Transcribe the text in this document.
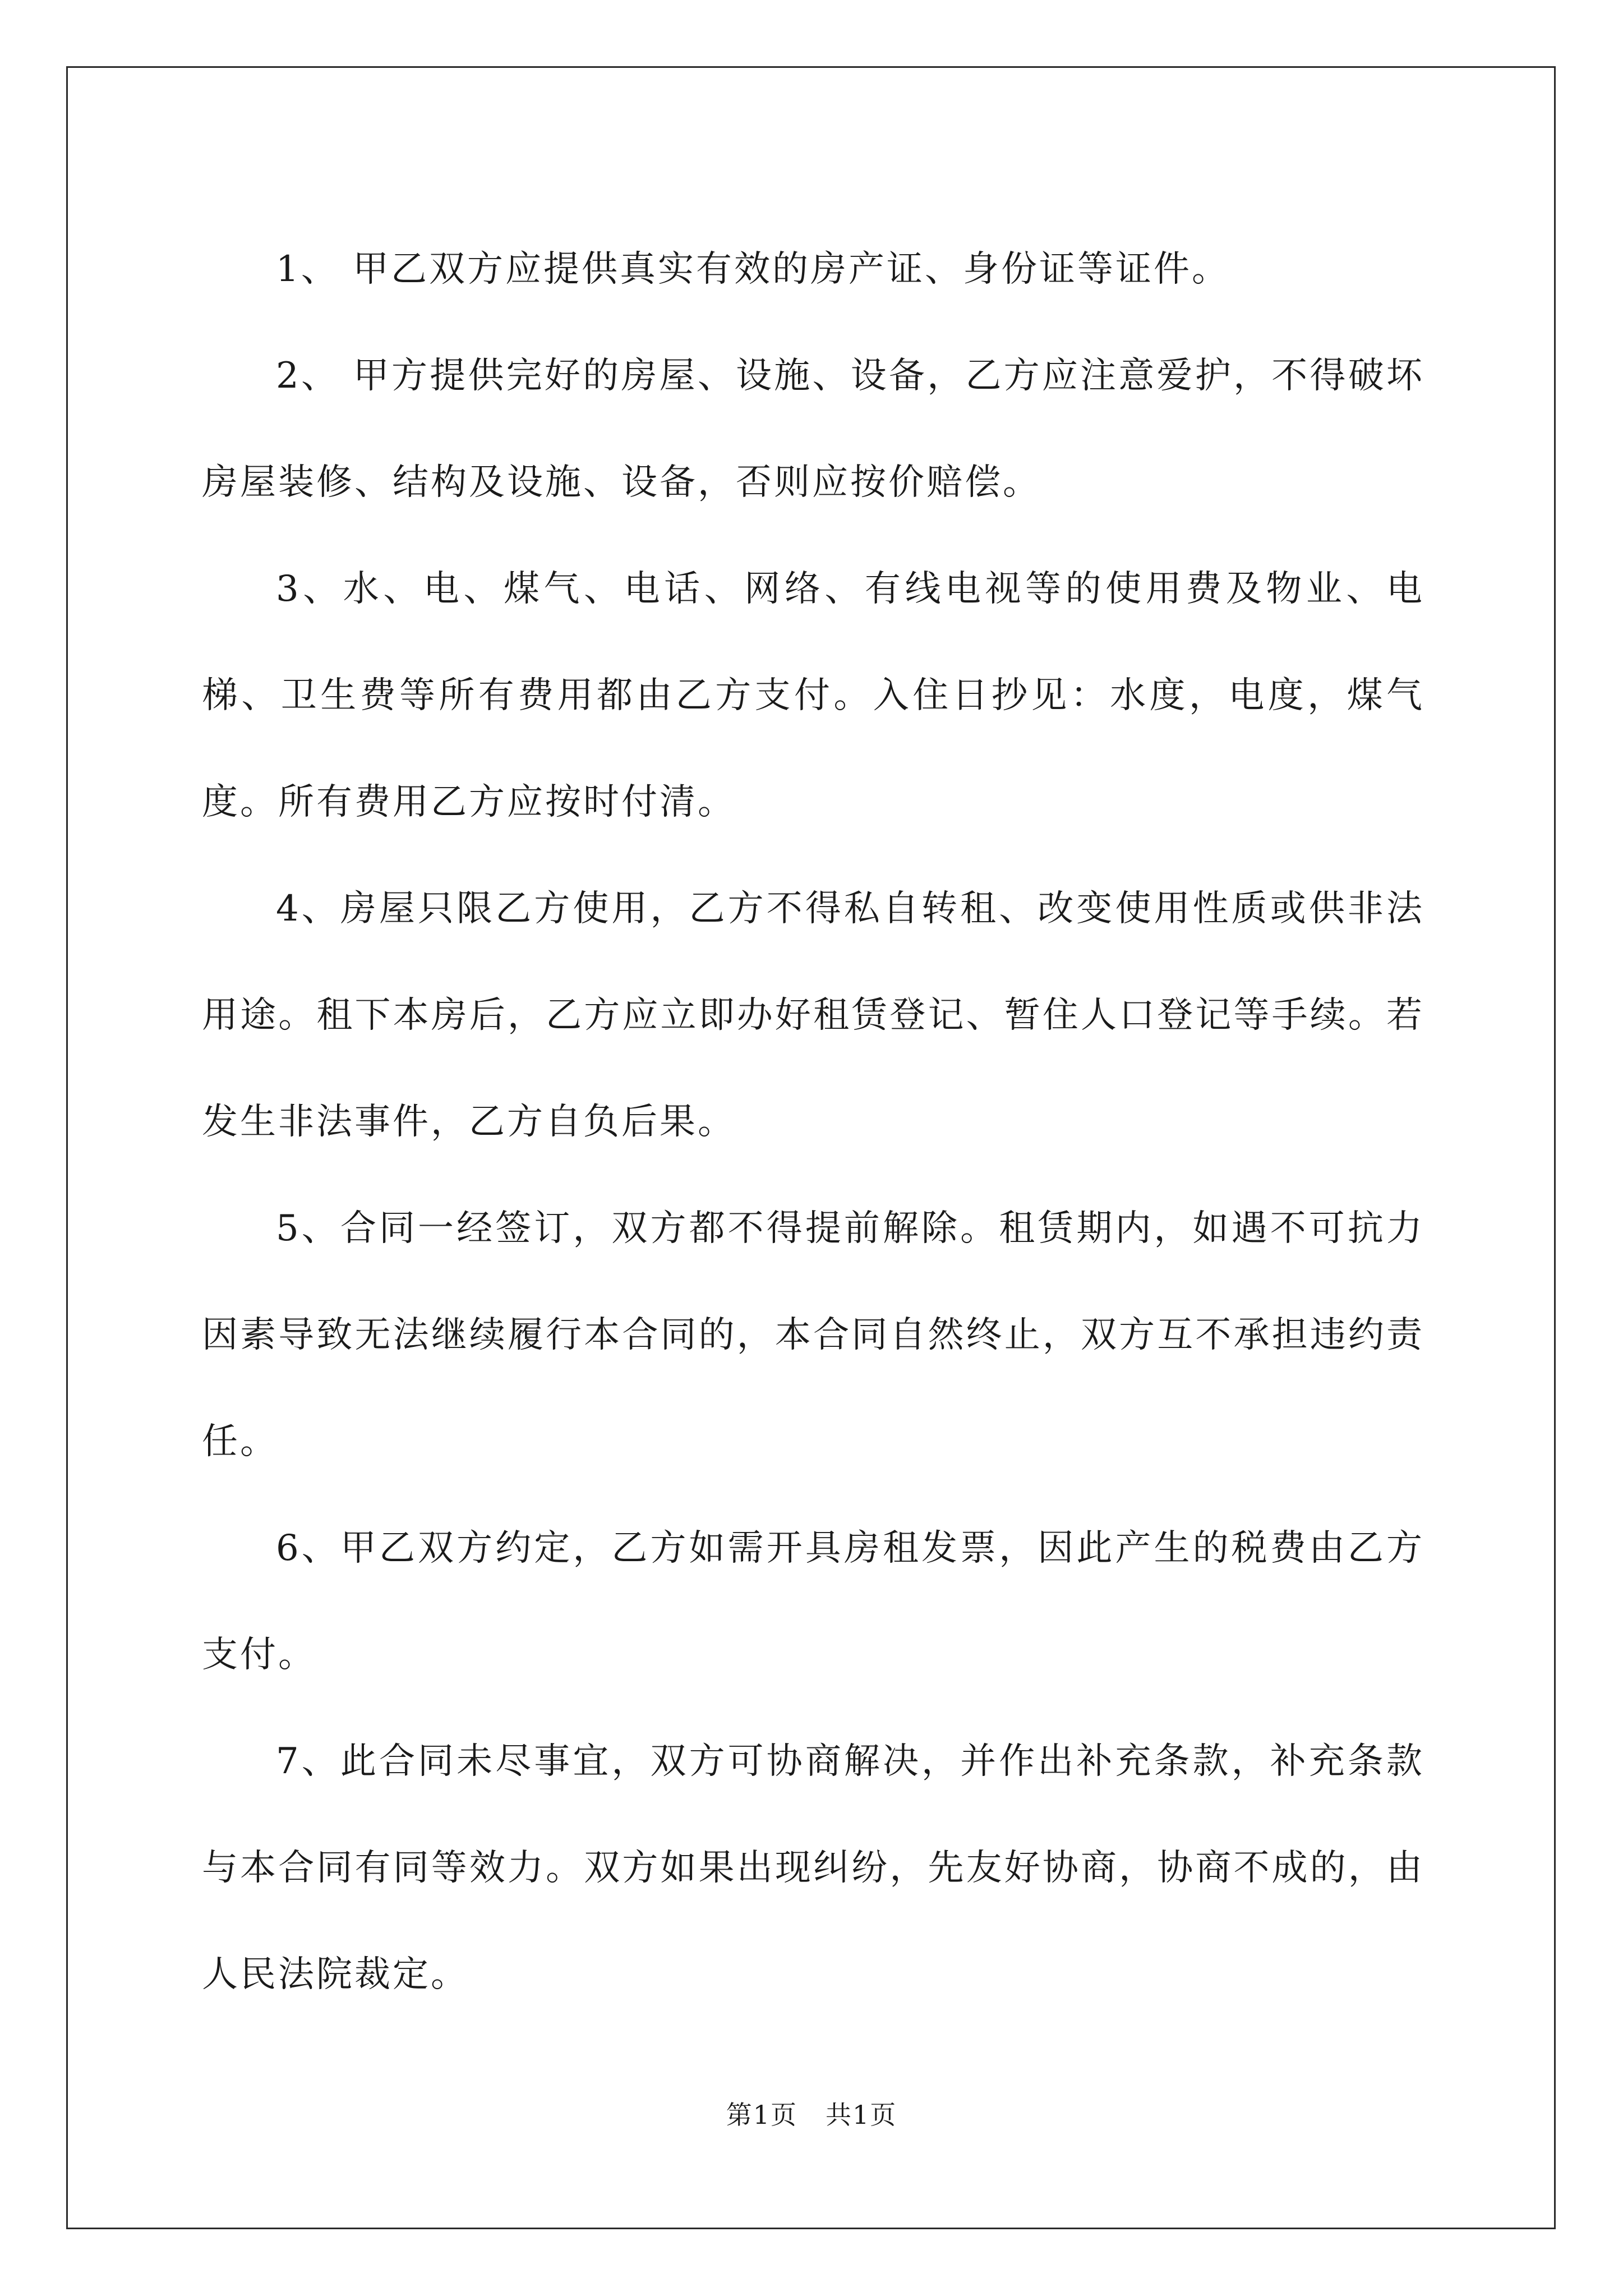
1、 甲乙双方应提供真实有效的房产证、身份证等证件。

2、 甲方提供完好的房屋、设施、设备，乙方应注意爱护，不得破坏房屋装修、结构及设施、设备，否则应按价赔偿。

3、水、电、煤气、电话、网络、有线电视等的使用费及物业、电梯、卫生费等所有费用都由乙方支付。入住日抄见：水度，电度，煤气度。所有费用乙方应按时付清。

4、房屋只限乙方使用，乙方不得私自转租、改变使用性质或供非法用途。租下本房后，乙方应立即办好租赁登记、暂住人口登记等手续。若发生非法事件，乙方自负后果。

5、合同一经签订，双方都不得提前解除。租赁期内，如遇不可抗力因素导致无法继续履行本合同的，本合同自然终止，双方互不承担违约责任。

6、甲乙双方约定，乙方如需开具房租发票，因此产生的税费由乙方支付。

7、此合同未尽事宜，双方可协商解决，并作出补充条款，补充条款与本合同有同等效力。双方如果出现纠纷，先友好协商，协商不成的，由人民法院裁定。

第1页 共1页
